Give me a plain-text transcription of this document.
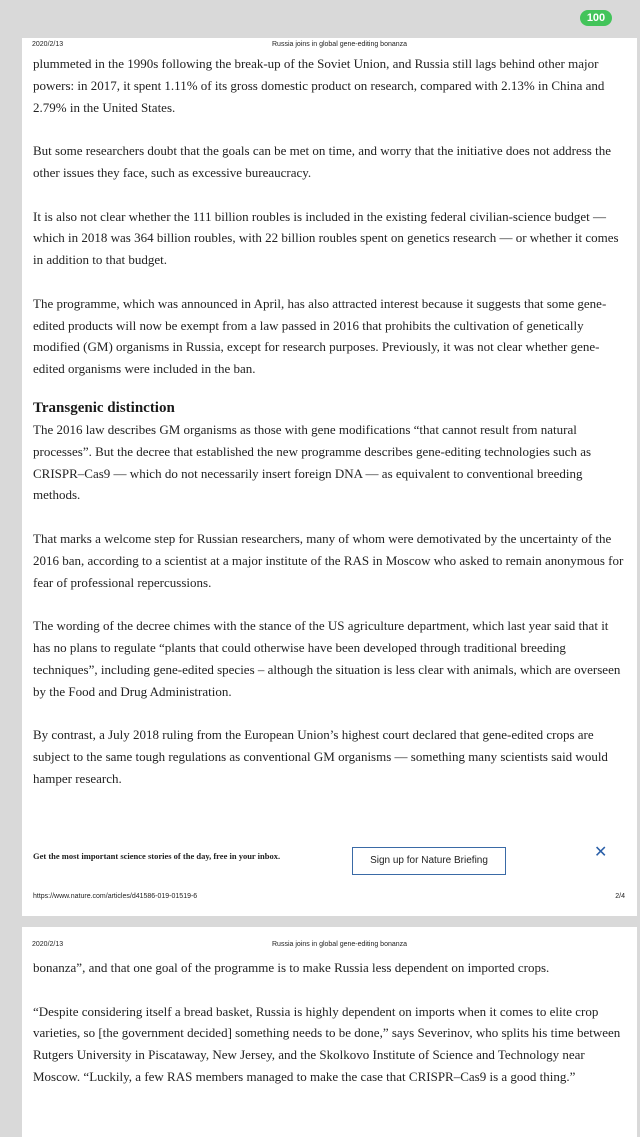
100
2020/2/13	Russia joins in global gene-editing bonanza

plummeted in the 1990s following the break-up of the Soviet Union, and Russia still lags behind other major powers: in 2017, it spent 1.11% of its gross domestic product on research, compared with 2.13% in China and 2.79% in the United States.

But some researchers doubt that the goals can be met on time, and worry that the initiative does not address the other issues they face, such as excessive bureaucracy.

It is also not clear whether the 111 billion roubles is included in the existing federal civilian-science budget — which in 2018 was 364 billion roubles, with 22 billion roubles spent on genetics research — or whether it comes in addition to that budget.

The programme, which was announced in April, has also attracted interest because it suggests that some gene-edited products will now be exempt from a law passed in 2016 that prohibits the cultivation of genetically modified (GM) organisms in Russia, except for research purposes. Previously, it was not clear whether gene-edited organisms were included in the ban.

Transgenic distinction

The 2016 law describes GM organisms as those with gene modifications “that cannot result from natural processes”. But the decree that established the new programme describes gene-editing technologies such as CRISPR–Cas9 — which do not necessarily insert foreign DNA — as equivalent to conventional breeding methods.

That marks a welcome step for Russian researchers, many of whom were demotivated by the uncertainty of the 2016 ban, according to a scientist at a major institute of the RAS in Moscow who asked to remain anonymous for fear of professional repercussions.

The wording of the decree chimes with the stance of the US agriculture department, which last year said that it has no plans to regulate “plants that could otherwise have been developed through traditional breeding techniques”, including gene-edited species – although the situation is less clear with animals, which are overseen by the Food and Drug Administration.

By contrast, a July 2018 ruling from the European Union’s highest court declared that gene-edited crops are subject to the same tough regulations as conventional GM organisms — something many scientists said would hamper research.

Get the most important science stories of the day, free in your inbox.	Sign up for Nature Briefing	✕
https://www.nature.com/articles/d41586-019-01519-6	2/4
2020/2/13	Russia joins in global gene-editing bonanza

bonanza”, and that one goal of the programme is to make Russia less dependent on imported crops.

“Despite considering itself a bread basket, Russia is highly dependent on imports when it comes to elite crop varieties, so [the government decided] something needs to be done,” says Severinov, who splits his time between Rutgers University in Piscataway, New Jersey, and the Skolkovo Institute of Science and Technology near Moscow. “Luckily, a few RAS members managed to make the case that CRISPR–Cas9 is a good thing.”
